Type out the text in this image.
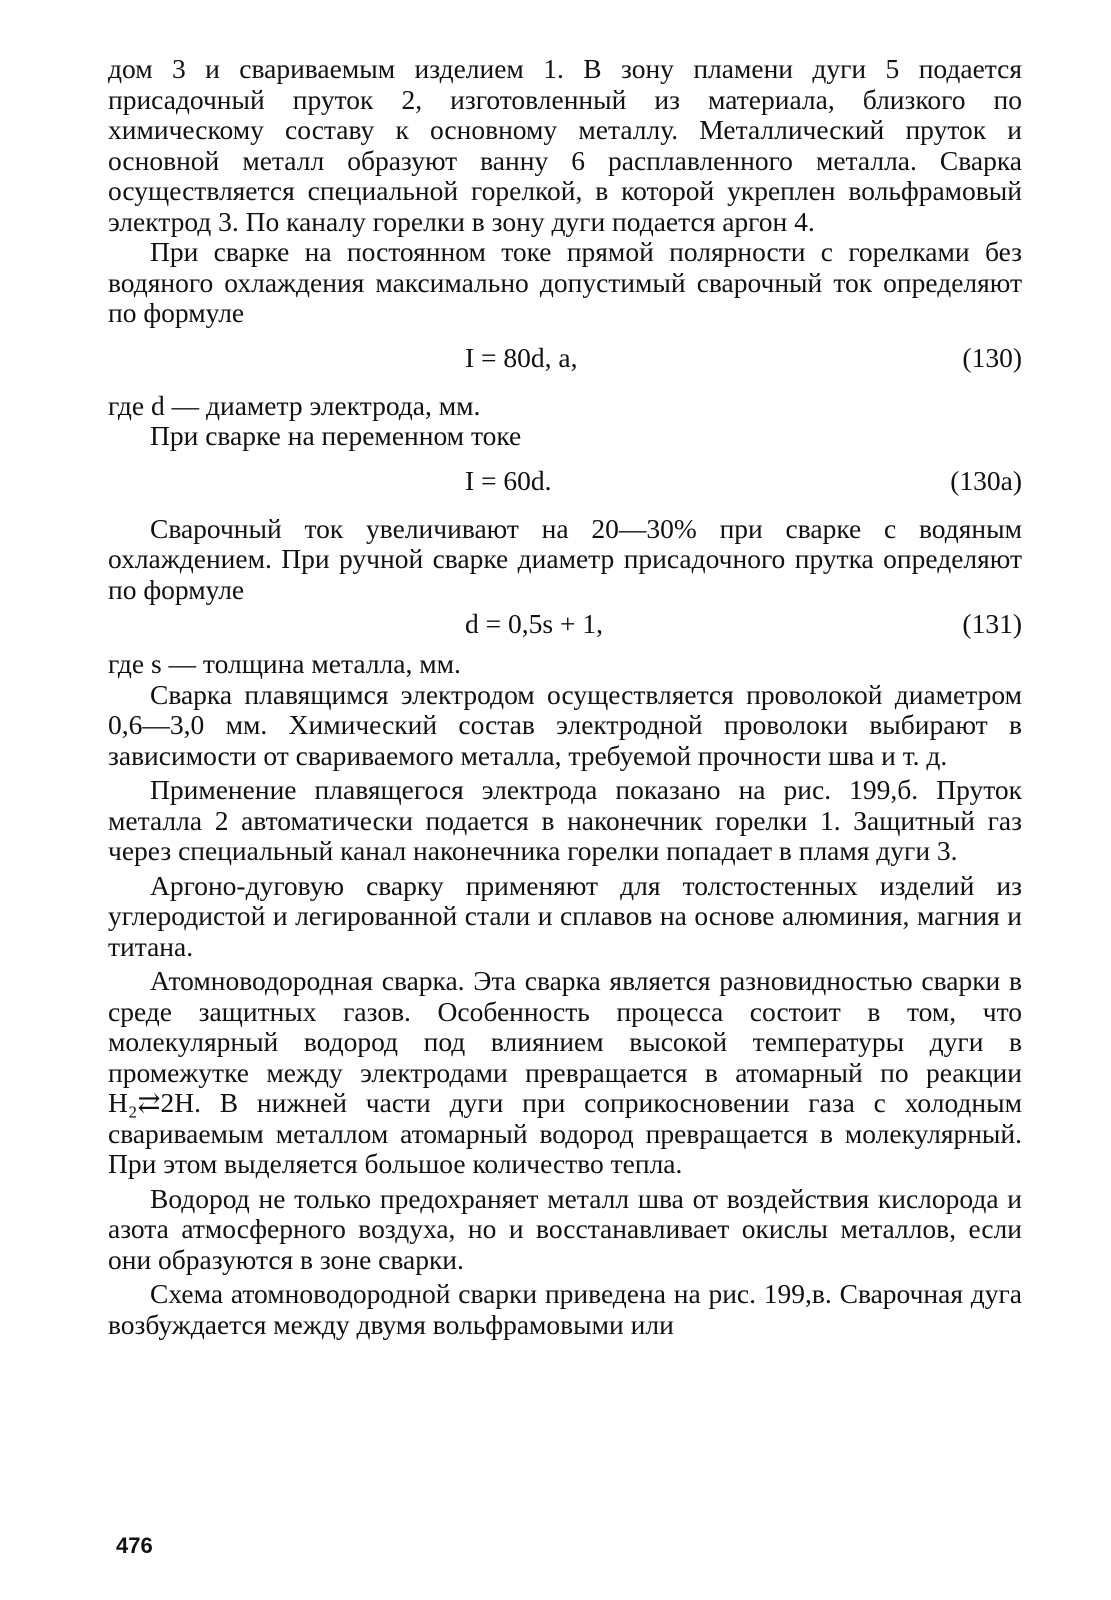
дом 3 и свариваемым изделием 1. В зону пламени дуги 5 подается присадочный пруток 2, изготовленный из материала, близкого по химическому составу к основному металлу. Металлический пруток и основной металл образуют ванну 6 расплавленного металла. Сварка осуществляется специальной горелкой, в которой укреплен вольфрамовый электрод 3. По каналу горелки в зону дуги подается аргон 4.

При сварке на постоянном токе прямой полярности с горелками без водяного охлаждения максимально допустимый сварочный ток определяют по формуле

I = 80d, a,	(130)

где d — диаметр электрода, мм.

При сварке на переменном токе

I = 60d.	(130a)

Сварочный ток увеличивают на 20—30% при сварке с водяным охлаждением. При ручной сварке диаметр присадочного прутка определяют по формуле

d = 0,5s + 1,	(131)

где s — толщина металла, мм.

Сварка плавящимся электродом осуществляется проволокой диаметром 0,6—3,0 мм. Химический состав электродной проволоки выбирают в зависимости от свариваемого металла, требуемой прочности шва и т. д.

Применение плавящегося электрода показано на рис. 199,б. Пруток металла 2 автоматически подается в наконечник горелки 1. Защитный газ через специальный канал наконечника горелки попадает в пламя дуги 3.

Аргоно-дуговую сварку применяют для толстостенных изделий из углеродистой и легированной стали и сплавов на основе алюминия, магния и титана.

Атомноводородная сварка. Эта сварка является разновидностью сварки в среде защитных газов. Особенность процесса состоит в том, что молекулярный водород под влиянием высокой температуры дуги в промежутке между электродами превращается в атомарный по реакции H₂⇄2H. В нижней части дуги при соприкосновении газа с холодным свариваемым металлом атомарный водород превращается в молекулярный. При этом выделяется большое количество тепла.

Водород не только предохраняет металл шва от воздействия кислорода и азота атмосферного воздуха, но и восстанавливает окислы металлов, если они образуются в зоне сварки.

Схема атомноводородной сварки приведена на рис. 199,в. Сварочная дуга возбуждается между двумя вольфрамовыми или

476
